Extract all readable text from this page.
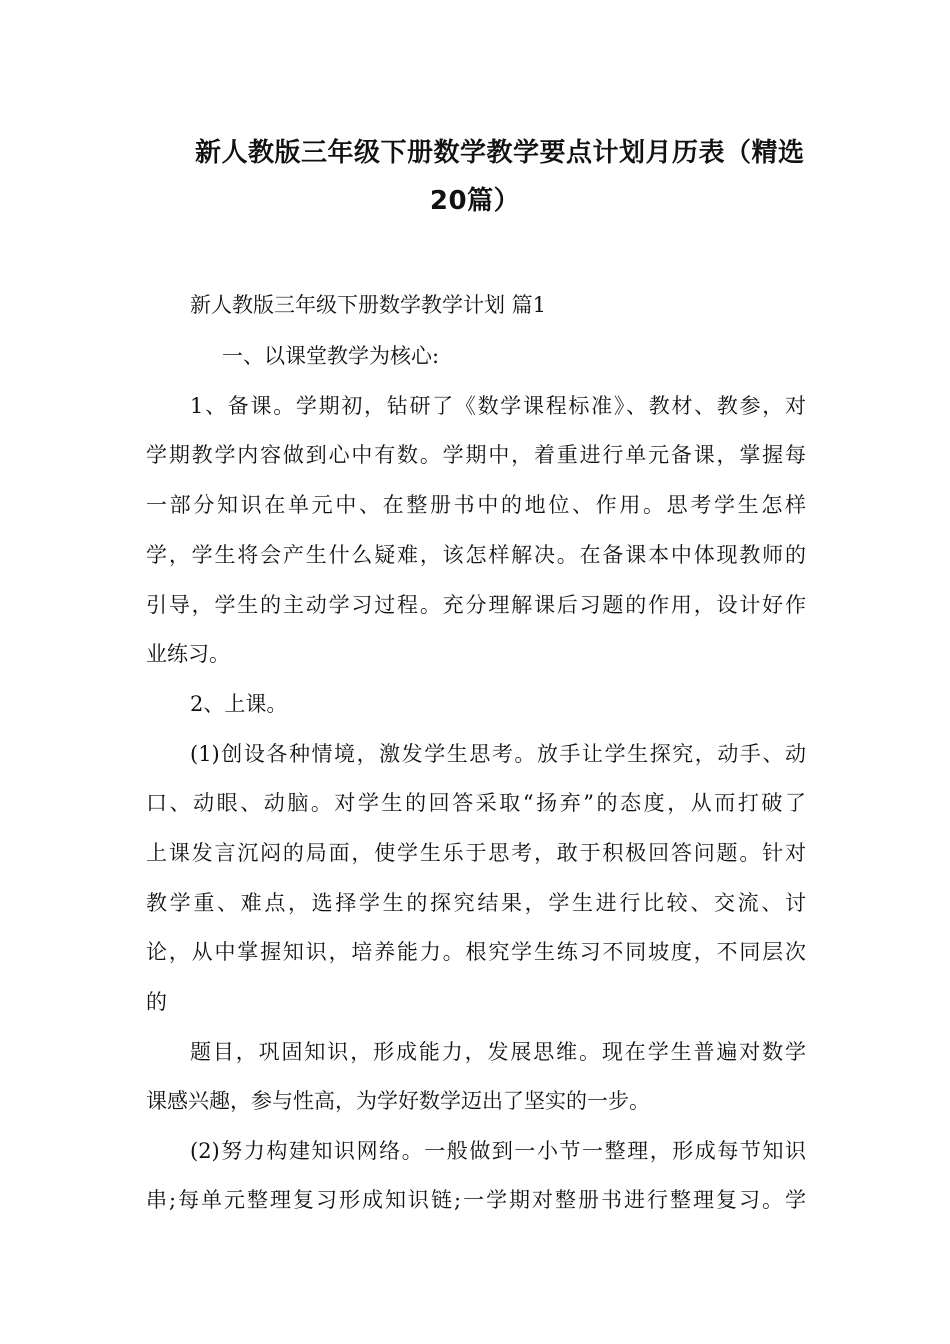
新人教版三年级下册数学教学要点计划月历表（精选
20篇）
新人教版三年级下册数学教学计划 篇1
一、以课堂教学为核心:
1、备课。学期初，钻研了《数学课程标准》、教材、教参，对
学期教学内容做到心中有数。学期中，着重进行单元备课，掌握每
一部分知识在单元中、在整册书中的地位、作用。思考学生怎样
学，学生将会产生什么疑难，该怎样解决。在备课本中体现教师的
引导，学生的主动学习过程。充分理解课后习题的作用，设计好作
业练习。
2、上课。
(1)创设各种情境，激发学生思考。放手让学生探究，动手、动
口、动眼、动脑。对学生的回答采取“扬弃”的态度，从而打破了
上课发言沉闷的局面，使学生乐于思考，敢于积极回答问题。针对
教学重、难点，选择学生的探究结果，学生进行比较、交流、讨
论，从中掌握知识，培养能力。根究学生练习不同坡度，不同层次
的
题目，巩固知识，形成能力，发展思维。现在学生普遍对数学
课感兴趣，参与性高，为学好数学迈出了坚实的一步。
(2)努力构建知识网络。一般做到一小节一整理，形成每节知识
串;每单元整理复习形成知识链;一学期对整册书进行整理复习。学
